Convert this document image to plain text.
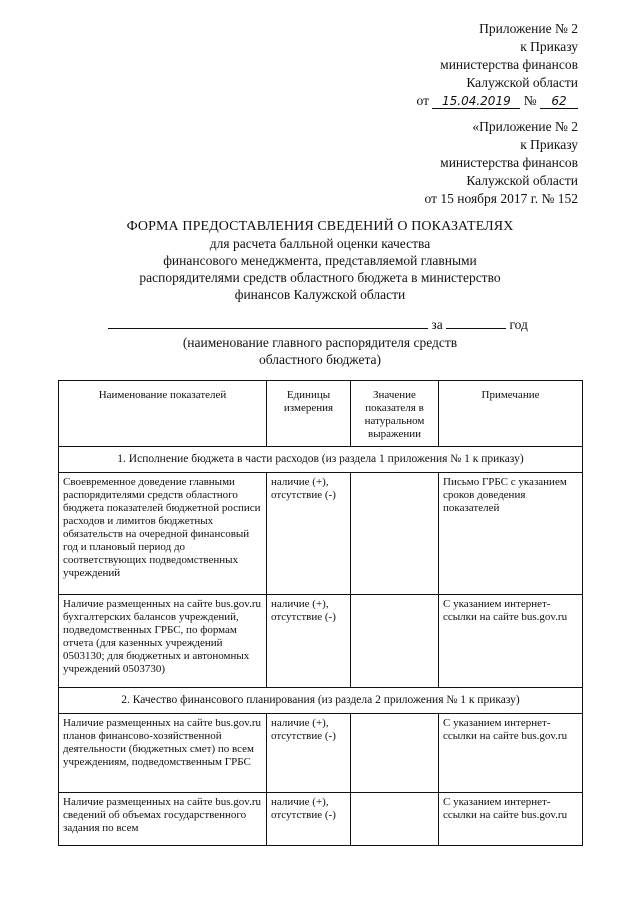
Приложение № 2
к Приказу
министерства финансов
Калужской области
от 15.04.2019 № 62
«Приложение № 2
к Приказу
министерства финансов
Калужской области
от 15 ноября 2017 г. № 152
ФОРМА ПРЕДОСТАВЛЕНИЯ СВЕДЕНИЙ О ПОКАЗАТЕЛЯХ
для расчета балльной оценки качества
финансового менеджмента, представляемой главными
распорядителями средств областного бюджета в министерство
финансов Калужской области
за	год
(наименование главного распорядителя средств
областного бюджета)
Наименование показателей	Единицы измерения	Значение показателя в натуральном выражении	Примечание
1. Исполнение бюджета в части расходов (из раздела 1 приложения № 1 к приказу)			
Своевременное доведение главными распорядителями средств областного бюджета показателей бюджетной росписи расходов и лимитов бюджетных обязательств на очередной финансовый год и плановый период до соответствующих подведомственных учреждений	наличие (+), отсутствие (-)		Письмо ГРБС с указанием сроков доведения показателей
Наличие размещенных на сайте bus.gov.ru бухгалтерских балансов учреждений, подведомственных ГРБС, по формам отчета (для казенных учреждений 0503130; для бюджетных и автономных учреждений 0503730)	наличие (+), отсутствие (-)		С указанием интернет-ссылки на сайте bus.gov.ru
2. Качество финансового планирования (из раздела 2 приложения № 1 к приказу)			
Наличие размещенных на сайте bus.gov.ru планов финансово-хозяйственной деятельности (бюджетных смет) по всем учреждениям, подведомственным ГРБС	наличие (+), отсутствие (-)		С указанием интернет-ссылки на сайте bus.gov.ru
Наличие размещенных на сайте bus.gov.ru сведений об объемах государственного задания по всем	наличие (+), отсутствие (-)		С указанием интернет-ссылки на сайте bus.gov.ru
